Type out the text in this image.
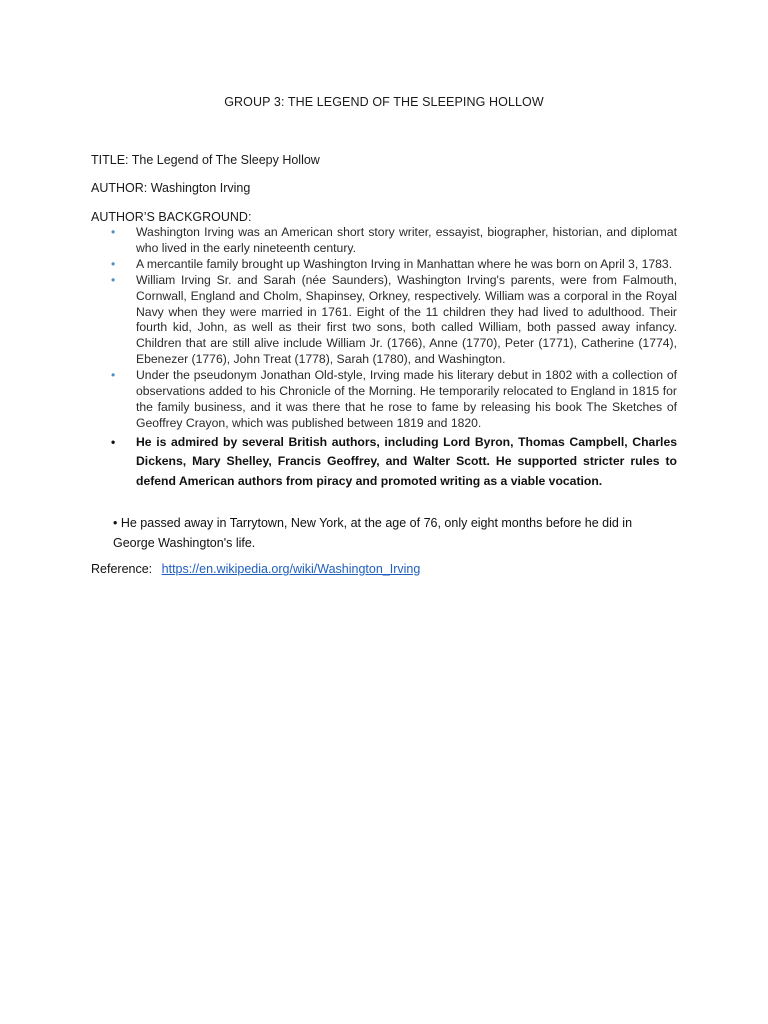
GROUP 3: THE LEGEND OF THE SLEEPING HOLLOW
TITLE: The Legend of The Sleepy Hollow
AUTHOR: Washington Irving
AUTHOR’S BACKGROUND:
• Washington Irving was an American short story writer, essayist, biographer, historian, and diplomat who lived in the early nineteenth century.
• A mercantile family brought up Washington Irving in Manhattan where he was born on April 3, 1783.
• William Irving Sr. and Sarah (née Saunders), Washington Irving's parents, were from Falmouth, Cornwall, England and Cholm, Shapinsey, Orkney, respectively. William was a corporal in the Royal Navy when they were married in 1761. Eight of the 11 children they had lived to adulthood. Their fourth kid, John, as well as their first two sons, both called William, both passed away infancy. Children that are still alive include William Jr. (1766), Anne (1770), Peter (1771), Catherine (1774), Ebenezer (1776), John Treat (1778), Sarah (1780), and Washington.
• Under the pseudonym Jonathan Old-style, Irving made his literary debut in 1802 with a collection of observations added to his Chronicle of the Morning. He temporarily relocated to England in 1815 for the family business, and it was there that he rose to fame by releasing his book The Sketches of Geoffrey Crayon, which was published between 1819 and 1820.
• He is admired by several British authors, including Lord Byron, Thomas Campbell, Charles Dickens, Mary Shelley, Francis Geoffrey, and Walter Scott. He supported stricter rules to defend American authors from piracy and promoted writing as a viable vocation.
• He passed away in Tarrytown, New York, at the age of 76, only eight months before he did in George Washington's life.
Reference: https://en.wikipedia.org/wiki/Washington_Irving
